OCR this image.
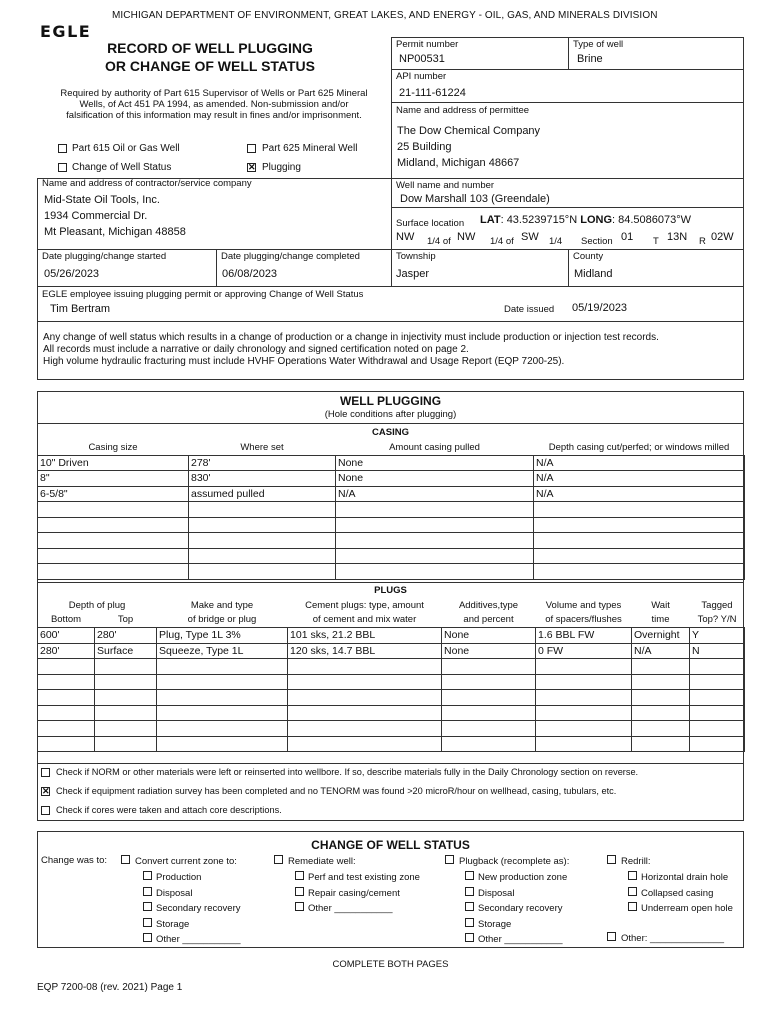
MICHIGAN DEPARTMENT OF ENVIRONMENT, GREAT LAKES, AND ENERGY - OIL, GAS, AND MINERALS DIVISION
EGLE
RECORD OF WELL PLUGGING
OR CHANGE OF WELL STATUS
Required by authority of Part 615 Supervisor of Wells or Part 625 Mineral
Wells, of Act 451 PA 1994, as amended. Non-submission and/or
falsification of this information may result in fines and/or imprisonment.
Part 615 Oil or Gas Well	Part 625 Mineral Well
Change of Well Status	✕ Plugging
Permit number
NP00531
Type of well
Brine
API number
21-111-61224
Name and address of permittee
The Dow Chemical Company
25 Building
Midland, Michigan 48667
Name and address of contractor/service company
Mid-State Oil Tools, Inc.
1934 Commercial Dr.
Mt Pleasant, Michigan 48858
Well name and number
Dow Marshall 103 (Greendale)
Surface location LAT: 43.5239715°N LONG: 84.5086073°W
NW 1/4 of NW 1/4 of SW 1/4 Section 01 T 13N R 02W
Date plugging/change started
05/26/2023
Date plugging/change completed
06/08/2023
Township
Jasper
County
Midland
EGLE employee issuing plugging permit or approving Change of Well Status
Tim Bertram	Date issued 05/19/2023
Any change of well status which results in a change of production or a change in injectivity must include production or injection test records.
All records must include a narrative or daily chronology and signed certification noted on page 2.
High volume hydraulic fracturing must include HVHF Operations Water Withdrawal and Usage Report (EQP 7200-25).
WELL PLUGGING
(Hole conditions after plugging)
CASING
Casing size	Where set	Amount casing pulled	Depth casing cut/perfed; or windows milled
10" Driven	278'	None	N/A
8"	830'	None	N/A
6-5/8"	assumed pulled	N/A	N/A

PLUGS
Depth of plug		Make and type	Cement plugs: type, amount	Additives,type	Volume and types	Wait	Tagged
Bottom	Top	of bridge or plug	of cement and mix water	and percent	of spacers/flushes	time	Top? Y/N
600'	280'	Plug, Type 1L 3%	101 sks, 21.2 BBL	None	1.6 BBL FW	Overnight	Y
280'	Surface	Squeeze, Type 1L	120 sks, 14.7 BBL	None	0 FW	N/A	N

Check if NORM or other materials were left or reinserted into wellbore. If so, describe materials fully in the Daily Chronology section on reverse.
✕ Check if equipment radiation survey has been completed and no TENORM was found >20 microR/hour on wellhead, casing, tubulars, etc.
Check if cores were taken and attach core descriptions.
CHANGE OF WELL STATUS
Change was to:	Convert current zone to:	Remediate well:	Plugback (recomplete as):	Redrill:
Production
Disposal
Secondary recovery
Storage
Other ___________
Perf and test existing zone
Repair casing/cement
Other ___________
New production zone
Disposal
Secondary recovery
Storage
Other ___________
Horizontal drain hole
Collapsed casing
Underream open hole
Other: ______________
COMPLETE BOTH PAGES
EQP 7200-08 (rev. 2021) Page 1
